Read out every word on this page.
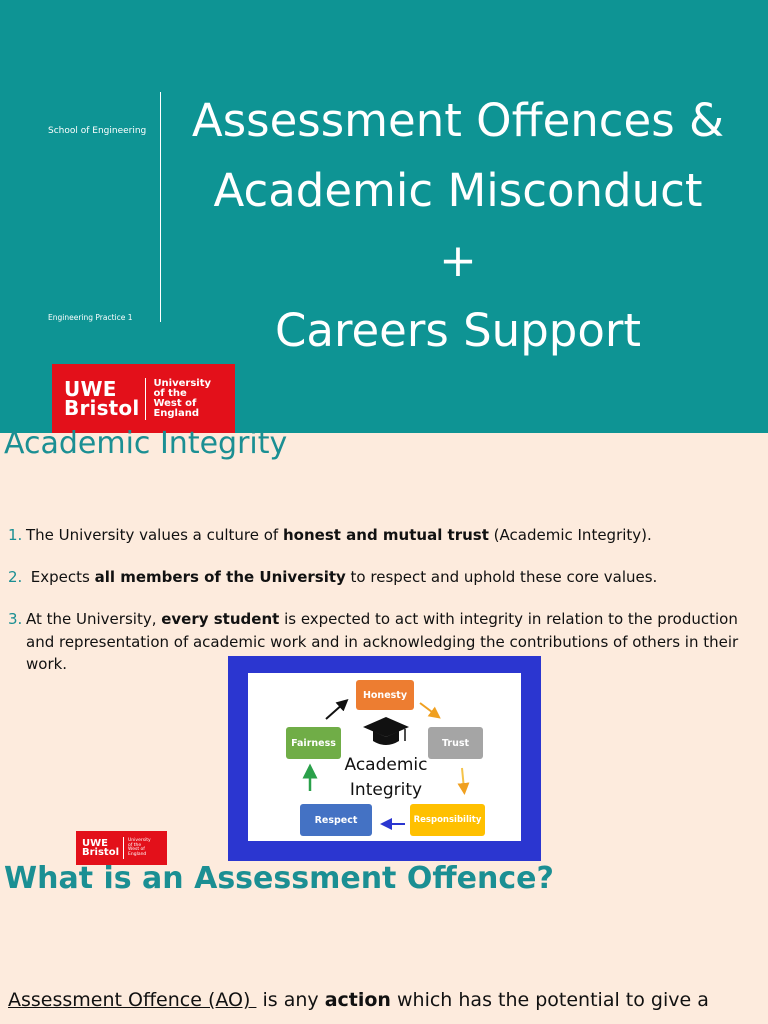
School of Engineering
Engineering Practice 1
Assessment Offences &
Academic Misconduct
+
Careers Support
UWE
Bristol
University
of the
West of
England
Academic Integrity
1. The University values a culture of honest and mutual trust (Academic Integrity).
2. Expects all members of the University to respect and uphold these core values.
3. At the University, every student is expected to act with integrity in relation to the production and representation of academic work and in acknowledging the contributions of others in their work.
Honesty
Trust
Fairness
Respect	Responsibility
Academic
Integrity
UWE
Bristol
University
of the
West of
England
What is an Assessment Offence?
Assessment Offence (AO)  is any action which has the potential to give a
